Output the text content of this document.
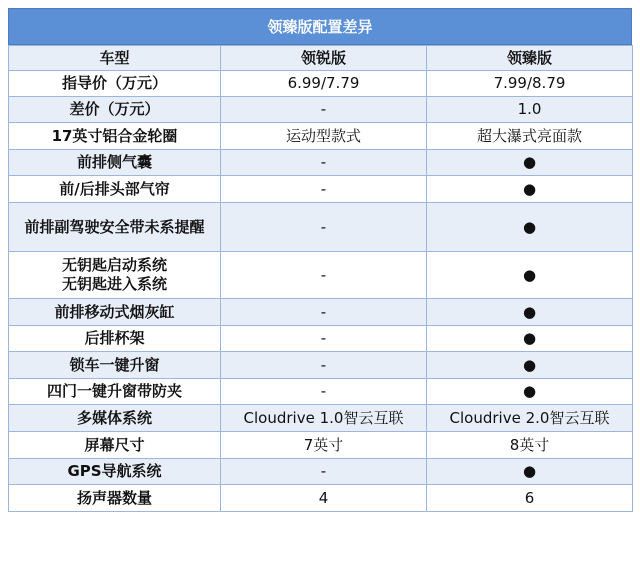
领臻版配置差异
车型	领锐版	领臻版
指导价（万元）	6.99/7.79	7.99/8.79
差价（万元）	-	1.0
17英寸铝合金轮圈	运动型款式	超大瀑式亮面款
前排侧气囊	-	●
前/后排头部气帘	-	●
前排副驾驶安全带未系提醒	-	●
无钥匙启动系统
无钥匙进入系统	-	●
前排移动式烟灰缸	-	●
后排杯架	-	●
锁车一键升窗	-	●
四门一键升窗带防夹	-	●
多媒体系统	Cloudrive 1.0智云互联	Cloudrive 2.0智云互联
屏幕尺寸	7英寸	8英寸
GPS导航系统	-	●
扬声器数量	4	6
